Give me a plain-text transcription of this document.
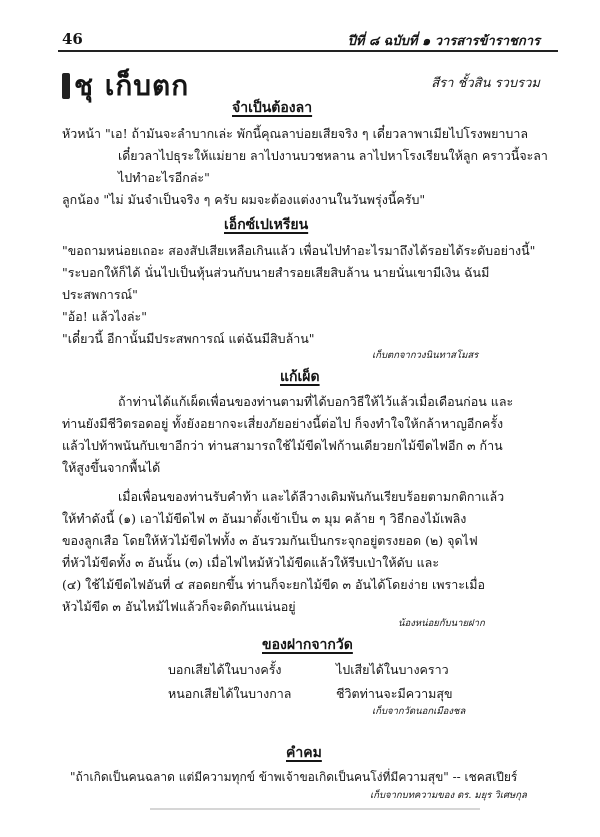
46	ปีที่ ๘ ฉบับที่ ๑ วารสารข้าราชการ
ชุ เก็บตก	สีรา ชั้วสิน รวบรวม
จำเป็นต้องลา
หัวหน้า "เอ! ถ้ามันจะลำบากเล่ะ พักนี้คุณลาบ่อยเสียจริง ๆ เดี๋ยวลาพาเมียไปโรงพยาบาล
เดี๋ยวลาไปธุระให้แม่ยาย ลาไปงานบวชหลาน ลาไปหาโรงเรียนให้ลูก คราวนี้จะลา
ไปทำอะไรอีกล่ะ"
ลูกน้อง "ไม่ มันจำเป็นจริง ๆ ครับ ผมจะต้องแต่งงานในวันพรุ่งนี้ครับ"
เอ็กซ์เปเหรียน
"ขอถามหน่อยเถอะ สองสัปเสียเหลือเกินแล้ว เพื่อนไปทำอะไรมาถึงได้รอยได้ระดับอย่างนี้"
"ระบอกให้ก็ได้ นั่นไปเป็นหุ้นส่วนกับนายสำรอยเสียสิบล้าน นายนั่นเขามีเงิน ฉันมี
ประสพการณ์"
"อ้อ! แล้วไงล่ะ"
"เดี๋ยวนี้ อีกานั้นมีประสพการณ์ แต่ฉันมีสิบล้าน"
เก็บตกจากวงนินทาสโมสร
แก้เผ็ด
ถ้าท่านได้แก้เผ็ดเพื่อนของท่านตามที่ได้บอกวิธีให้ไว้แล้วเมื่อเดือนก่อน และ
ท่านยังมีชีวิตรอดอยู่ ทั้งยังอยากจะเสี่ยงภัยอย่างนี้ต่อไป ก็จงทำใจให้กล้าหาญอีกครั้ง
แล้วไปท้าพนันกับเขาอีกว่า ท่านสามารถใช้ไม้ขีดไฟก้านเดียวยกไม้ขีดไฟอีก ๓ ก้าน
ให้สูงขึ้นจากพื้นได้
เมื่อเพื่อนของท่านรับคำท้า และได้ลีวางเดิมพันกันเรียบร้อยตามกติกาแล้ว
ให้ทำดังนี้ (๑) เอาไม้ขีดไฟ ๓ อันมาตั้งเข้าเป็น ๓ มุม คล้าย ๆ วิธีกองไม้เพลิง
ของลูกเสือ โดยให้หัวไม้ขีดไฟทั้ง ๓ อันรวมกันเป็นกระจุกอยู่ตรงยอด (๒) จุดไฟ
ที่หัวไม้ขีดทั้ง ๓ อันนั้น (๓) เมื่อไฟไหม้หัวไม้ขีดแล้วให้รีบเป่าให้ดับ และ
(๔) ใช้ไม้ขีดไฟอันที่ ๔ สอดยกขึ้น ท่านก็จะยกไม้ขีด ๓ อันได้โดยง่าย เพราะเมื่อ
หัวไม้ขีด ๓ อันไหม้ไฟแล้วก็จะติดกันแน่นอยู่
น้องหน่อยกับนายฝาก
ของฝากจากวัด
บอกเสียได้ในบางครั้ง	ไปเสียได้ในบางคราว
หนอกเสียได้ในบางกาล	ชีวิตท่านจะมีความสุข
เก็บจากวัดนอกเมืองชล
คำคม
"ถ้าเกิดเป็นคนฉลาด แต่มีความทุกข์ ข้าพเจ้าขอเกิดเป็นคนโง่ที่มีความสุข" -- เชคสเปียร์
เก็บจากบทความของ ดร. มยุร วิเศษกุล
